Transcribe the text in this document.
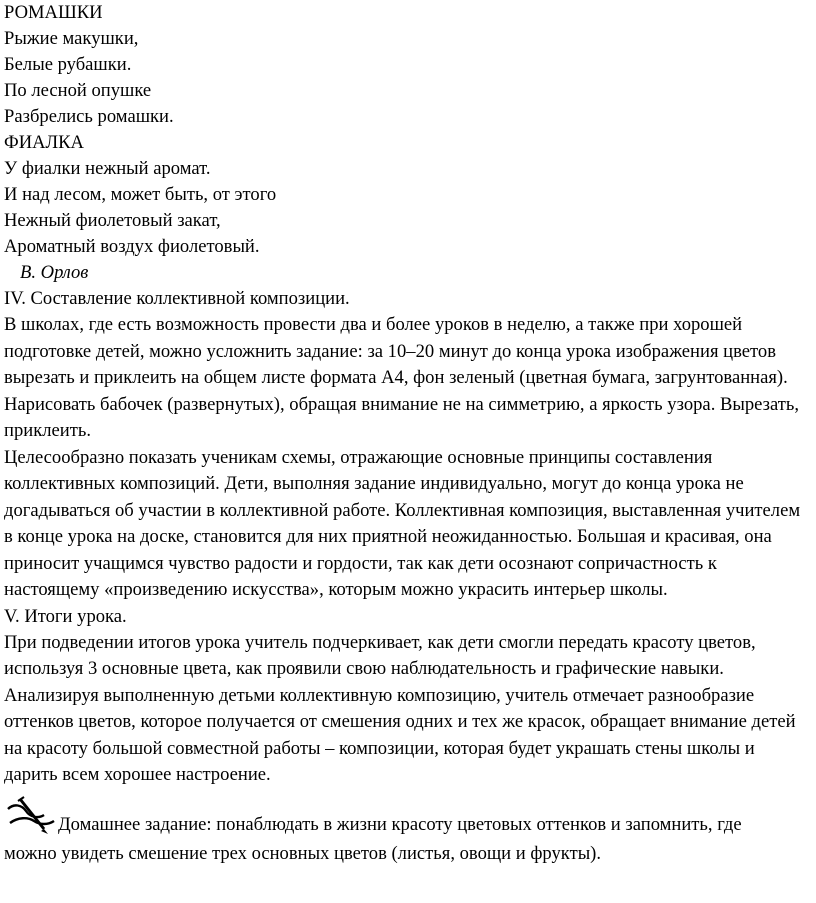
РОМАШКИ
Рыжие макушки,
Белые рубашки.
По лесной опушке
Разбрелись ромашки.
ФИАЛКА
У фиалки нежный аромат.
И над лесом, может быть, от этого
Нежный фиолетовый закат,
Ароматный воздух фиолетовый.
В. Орлов
IV. Составление коллективной композиции.

В школах, где есть возможность провести два и более уроков в неделю, а также при хорошей подготовке детей, можно усложнить задание: за 10–20 минут до конца урока изображения цветов вырезать и приклеить на общем листе формата А4, фон зеленый (цветная бумага, загрунтованная). Нарисовать бабочек (развернутых), обращая внимание не на симметрию, а яркость узора. Вырезать, приклеить.

Целесообразно показать ученикам схемы, отражающие основные принципы составления коллективных композиций. Дети, выполняя задание индивидуально, могут до конца урока не догадываться об участии в коллективной работе. Коллективная композиция, выставленная учителем в конце урока на доске, становится для них приятной неожиданностью. Большая и красивая, она приносит учащимся чувство радости и гордости, так как дети осознают сопричастность к настоящему «произведению искусства», которым можно украсить интерьер школы.

V. Итоги урока.

При подведении итогов урока учитель подчеркивает, как дети смогли передать красоту цветов, используя 3 основные цвета, как проявили свою наблюдательность и графические навыки. Анализируя выполненную детьми коллективную композицию, учитель отмечает разнообразие оттенков цветов, которое получается от смешения одних и тех же красок, обращает внимание детей на красоту большой совместной работы – композиции, которая будет украшать стены школы и дарить всем хорошее настроение.

Домашнее задание: понаблюдать в жизни красоту цветовых оттенков и запомнить, где
можно увидеть смешение трех основных цветов (листья, овощи и фрукты).
